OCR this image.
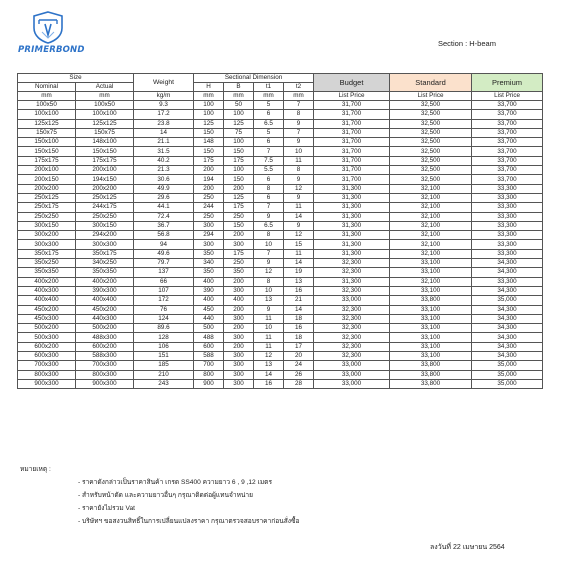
PRIMERBOND
Section : H-beam
Size		Weight	Sectional Dimension				Budget	Standard	Premium
Nominal	Actual		H	B	t1	t2			
mm	mm	kg/m	mm	mm	mm	mm	List Price	List Price	List Price
100x50	100x50	9.3	100	50	5	7	31,700	32,500	33,700
100x100	100x100	17.2	100	100	6	8	31,700	32,500	33,700
125x125	125x125	23.8	125	125	6.5	9	31,700	32,500	33,700
150x75	150x75	14	150	75	5	7	31,700	32,500	33,700
150x100	148x100	21.1	148	100	6	9	31,700	32,500	33,700
150x150	150x150	31.5	150	150	7	10	31,700	32,500	33,700
175x175	175x175	40.2	175	175	7.5	11	31,700	32,500	33,700
200x100	200x100	21.3	200	100	5.5	8	31,700	32,500	33,700
200x150	194x150	30.6	194	150	6	9	31,700	32,500	33,700
200x200	200x200	49.9	200	200	8	12	31,300	32,100	33,300
250x125	250x125	29.6	250	125	6	9	31,300	32,100	33,300
250x175	244x175	44.1	244	175	7	11	31,300	32,100	33,300
250x250	250x250	72.4	250	250	9	14	31,300	32,100	33,300
300x150	300x150	36.7	300	150	6.5	9	31,300	32,100	33,300
300x200	294x200	56.8	294	200	8	12	31,300	32,100	33,300
300x300	300x300	94	300	300	10	15	31,300	32,100	33,300
350x175	350x175	49.6	350	175	7	11	31,300	32,100	33,300
350x250	340x250	79.7	340	250	9	14	32,300	33,100	34,300
350x350	350x350	137	350	350	12	19	32,300	33,100	34,300
400x200	400x200	66	400	200	8	13	31,300	32,100	33,300
400x300	390x300	107	390	300	10	16	32,300	33,100	34,300
400x400	400x400	172	400	400	13	21	33,000	33,800	35,000
450x200	450x200	76	450	200	9	14	32,300	33,100	34,300
450x300	440x300	124	440	300	11	18	32,300	33,100	34,300
500x200	500x200	89.6	500	200	10	16	32,300	33,100	34,300
500x300	488x300	128	488	300	11	18	32,300	33,100	34,300
600x200	600x200	106	600	200	11	17	32,300	33,100	34,300
600x300	588x300	151	588	300	12	20	32,300	33,100	34,300
700x300	700x300	185	700	300	13	24	33,000	33,800	35,000
800x300	800x300	210	800	300	14	26	33,000	33,800	35,000
900x300	900x300	243	900	300	16	28	33,000	33,800	35,000
หมายเหตุ :
- ราคาดังกล่าวเป็นราคาสินค้า เกรด SS400 ความยาว 6 , 9 ,12 เมตร
- สำหรับหน้าตัด และความยาวอื่นๆ กรุณาติดต่อผู้แทนจำหน่าย
- ราคายังไม่รวม Vat
- บริษัทฯ ขอสงวนสิทธิ์ในการเปลี่ยนแปลงราคา กรุณาตรวจสอบราคาก่อนสั่งซื้อ
ลงวันที่ 22 เมษายน 2564
